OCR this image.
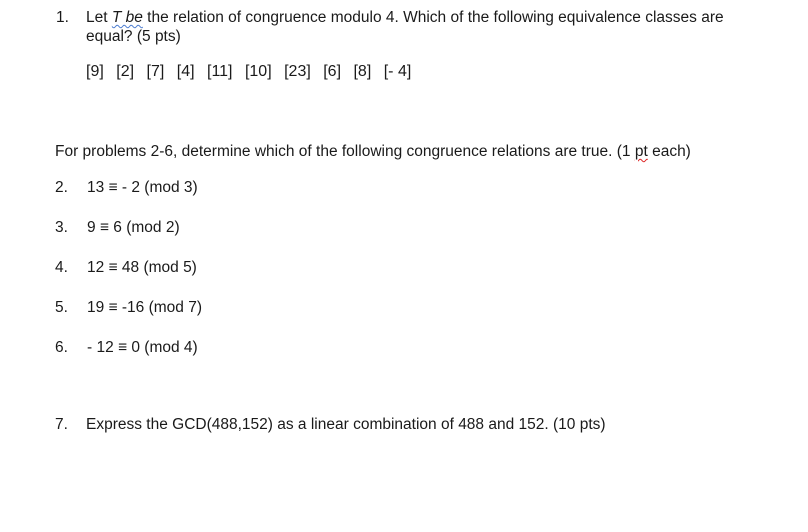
1. Let T be the relation of congruence modulo 4. Which of the following equivalence classes are
equal? (5 pts)
[9] [2] [7] [4] [11] [10] [23] [6] [8] [- 4]
For problems 2-6, determine which of the following congruence relations are true. (1 pt each)
2. 13 ≡ - 2 (mod 3)
3. 9 ≡ 6 (mod 2)
4. 12 ≡ 48 (mod 5)
5. 19 ≡ -16 (mod 7)
6. - 12 ≡ 0 (mod 4)
7. Express the GCD(488,152) as a linear combination of 488 and 152. (10 pts)
